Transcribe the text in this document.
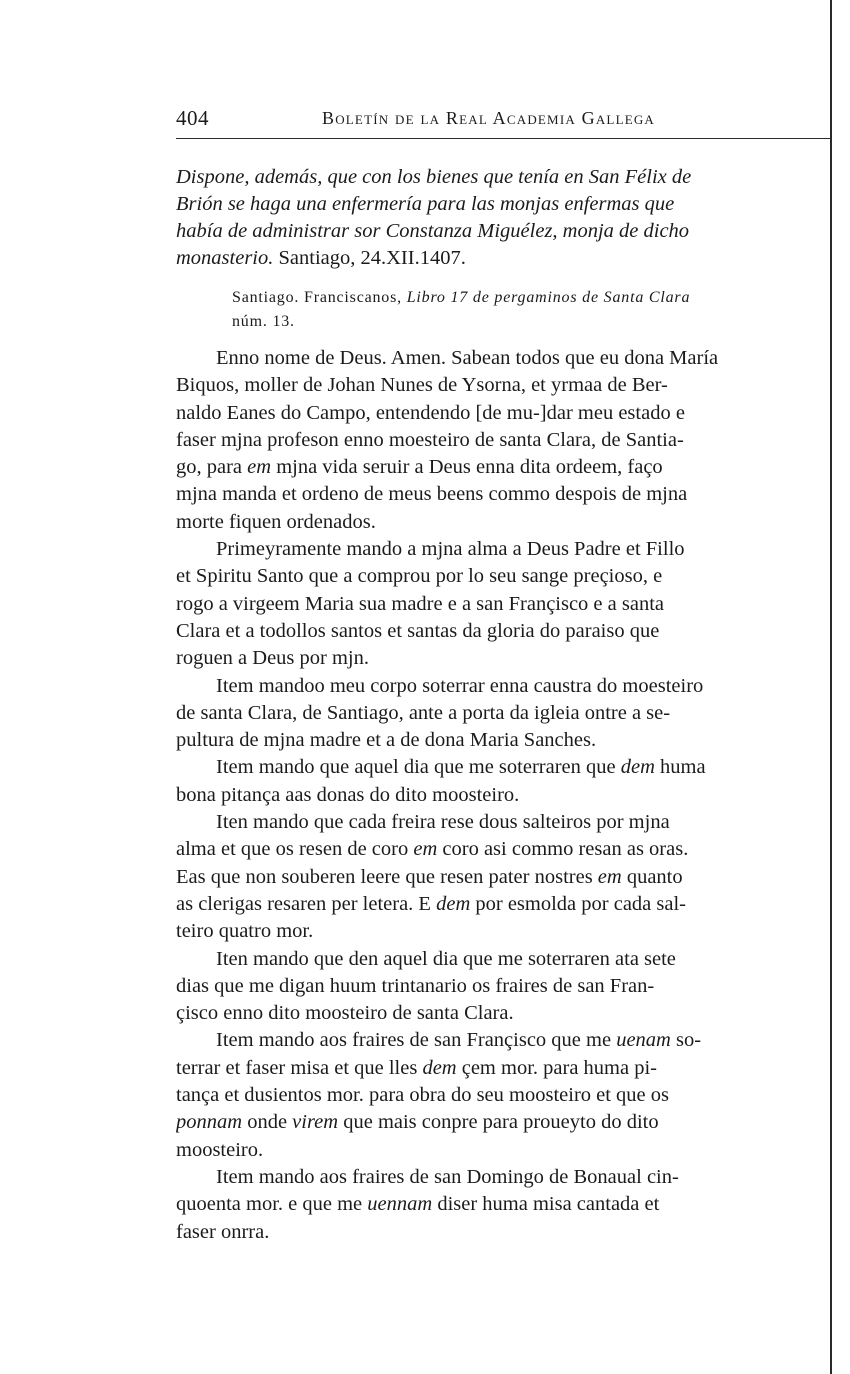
404	Boletín de la Real Academia Gallega
Dispone, además, que con los bienes que tenía en San Félix de
Brión se haga una enfermería para las monjas enfermas que
había de administrar sor Constanza Miguélez, monja de dicho
monasterio. Santiago, 24.XII.1407.
Santiago. Franciscanos, Libro 17 de pergaminos de Santa Clara
núm. 13.
Enno nome de Deus. Amen. Sabean todos que eu dona María
Biquos, moller de Johan Nunes de Ysorna, et yrmaa de Ber-
naldo Eanes do Campo, entendendo [de mu-]dar meu estado e
faser mjna profeson enno moesteiro de santa Clara, de Santia-
go, para em mjna vida seruir a Deus enna dita ordeem, faço
mjna manda et ordeno de meus beens commo despois de mjna
morte fiquen ordenados.
Primeyramente mando a mjna alma a Deus Padre et Fillo
et Spiritu Santo que a comprou por lo seu sange preçioso, e
rogo a virgeem Maria sua madre e a san Françisco e a santa
Clara et a todollos santos et santas da gloria do paraiso que
roguen a Deus por mjn.
Item mandoo meu corpo soterrar enna caustra do moesteiro
de santa Clara, de Santiago, ante a porta da igleia ontre a se-
pultura de mjna madre et a de dona Maria Sanches.
Item mando que aquel dia que me soterraren que dem huma
bona pitança aas donas do dito moosteiro.
Iten mando que cada freira rese dous salteiros por mjna
alma et que os resen de coro em coro asi commo resan as oras.
Eas que non souberen leere que resen pater nostres em quanto
as clerigas resaren per letera. E dem por esmolda por cada sal-
teiro quatro mor.
Iten mando que den aquel dia que me soterraren ata sete
dias que me digan huum trintanario os fraires de san Fran-
çisco enno dito moosteiro de santa Clara.
Item mando aos fraires de san Françisco que me uenam so-
terrar et faser misa et que lles dem çem mor. para huma pi-
tança et dusientos mor. para obra do seu moosteiro et que os
ponnam onde virem que mais conpre para proueyto do dito
moosteiro.
Item mando aos fraires de san Domingo de Bonaual cin-
quoenta mor. e que me uennam diser huma misa cantada et
faser onrra.
